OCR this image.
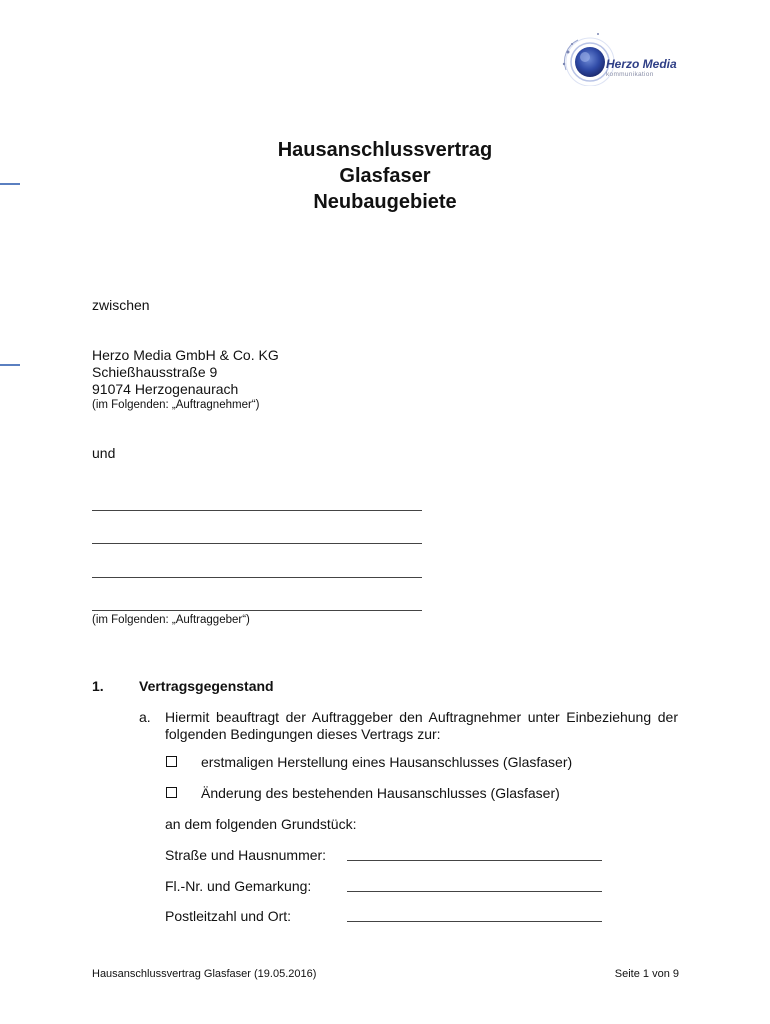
Herzo Media
kommunikation
Hausanschlussvertrag
Glasfaser
Neubaugebiete
zwischen
Herzo Media GmbH & Co. KG
Schießhausstraße 9
91074 Herzogenaurach
(im Folgenden: „Auftragnehmer“)
und
(im Folgenden: „Auftraggeber“)
1.	Vertragsgegenstand
a. Hiermit beauftragt der Auftraggeber den Auftragnehmer unter Einbeziehung der
folgenden Bedingungen dieses Vertrags zur:
erstmaligen Herstellung eines Hausanschlusses (Glasfaser)
Änderung des bestehenden Hausanschlusses (Glasfaser)
an dem folgenden Grundstück:
Straße und Hausnummer:
Fl.-Nr. und Gemarkung:
Postleitzahl und Ort:
Hausanschlussvertrag Glasfaser (19.05.2016)	Seite 1 von 9
